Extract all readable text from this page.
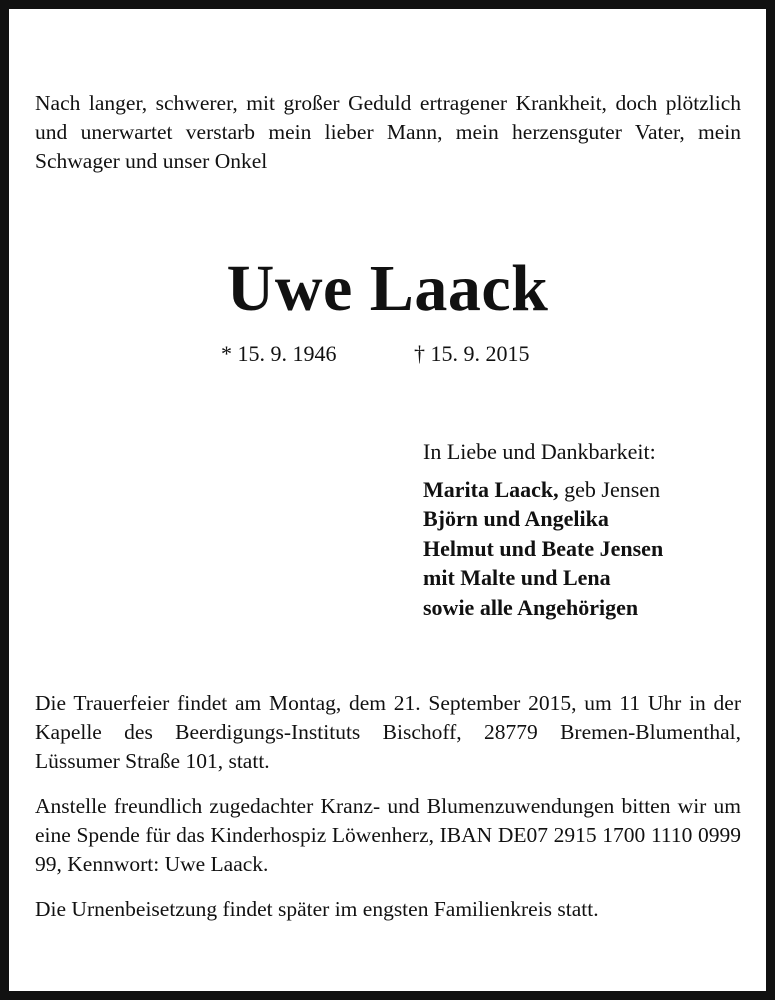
Nach langer, schwerer, mit großer Geduld ertragener Krankheit, doch plötzlich und unerwartet verstarb mein lieber Mann, mein herzensguter Vater, mein Schwager und unser Onkel
Uwe Laack
* 15. 9. 1946	† 15. 9. 2015
In Liebe und Dankbarkeit:
Marita Laack, geb Jensen
Björn und Angelika
Helmut und Beate Jensen
mit Malte und Lena
sowie alle Angehörigen
Die Trauerfeier findet am Montag, dem 21. September 2015, um 11 Uhr in der Kapelle des Beerdigungs-Instituts Bischoff, 28779 Bremen-Blumenthal, Lüssumer Straße 101, statt.
Anstelle freundlich zugedachter Kranz- und Blumenzuwendungen bitten wir um eine Spende für das Kinderhospiz Löwenherz, IBAN DE07 2915 1700 1110 0999 99, Kennwort: Uwe Laack.
Die Urnenbeisetzung findet später im engsten Familienkreis statt.
